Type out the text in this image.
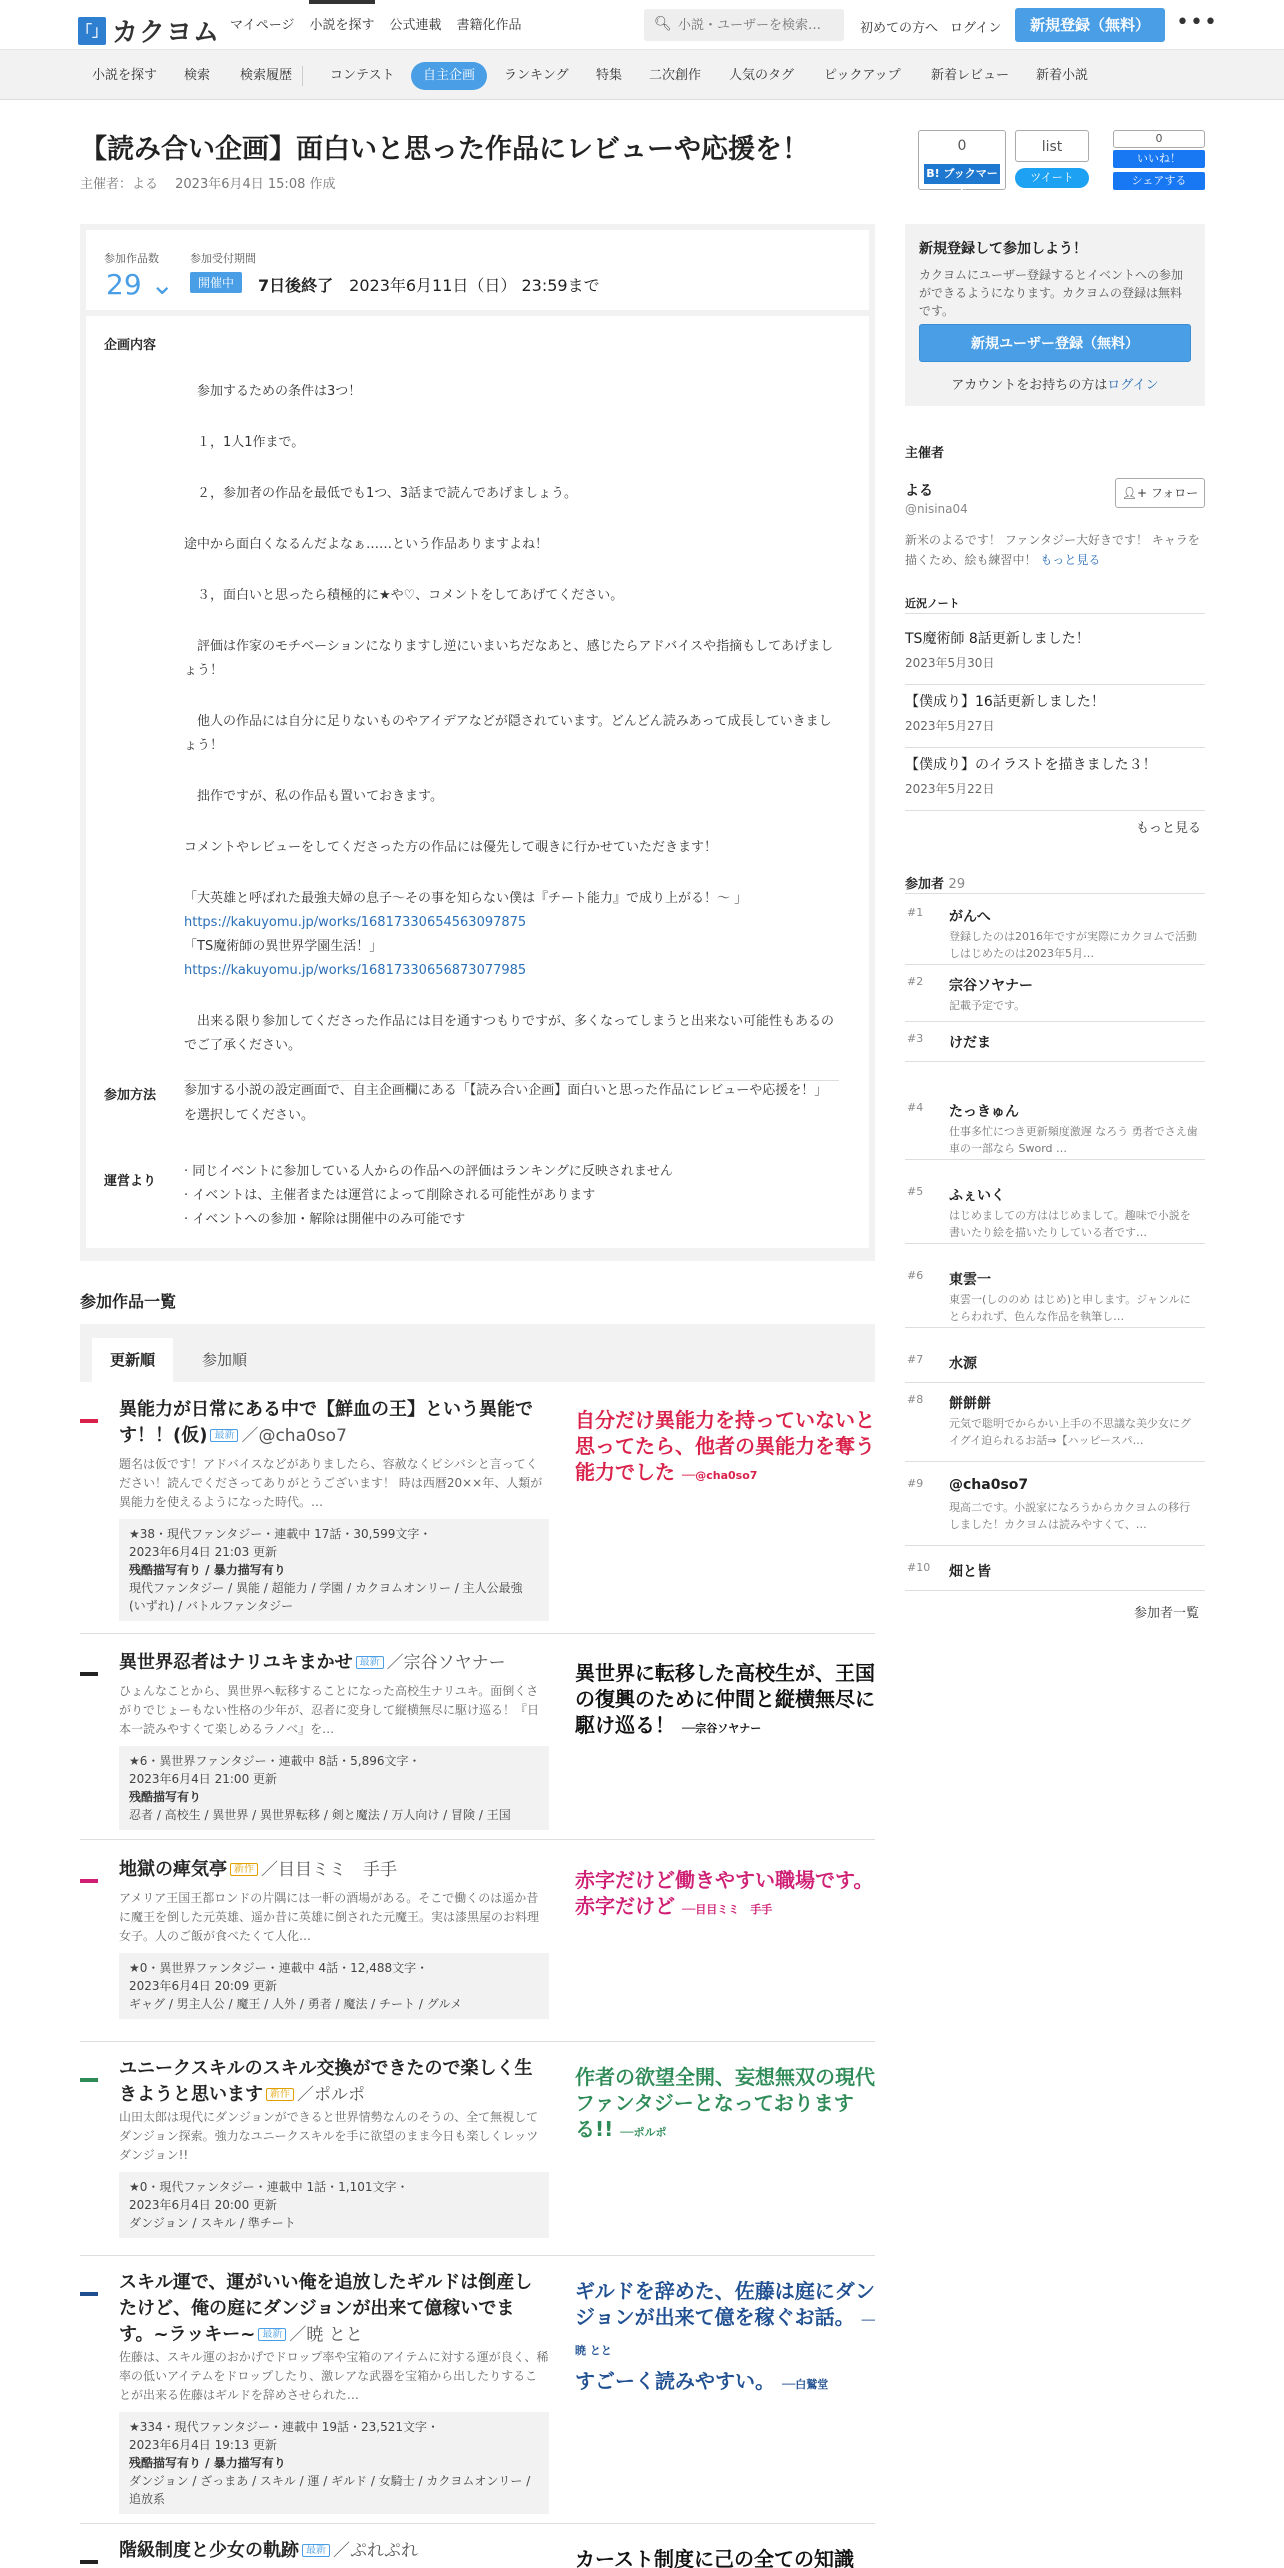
「」 カクヨム マイページ 小説を探す 公式連載 書籍化作品	🔍︎
小説・ユーザーを検索…	初めての方へ ログイン	新規登録（無料）	•••
小説を探す	検索	検索履歴	コンテスト	自主企画	ランキング	特集	二次創作	人気のタグ	ピックアップ	新着レビュー	新着小説
【読み合い企画】面白いと思った作品にレビューや応援を！
主催者：よる　 2023年6月4日 15:08 作成
0
B! ブックマーク
list
ツイート
0
いいね！
シェアする
参加作品数
29 ⌄
参加受付期間
開催中	7日後終了　 2023年6月11日（日） 23:59まで
企画内容

　参加するための条件は3つ！

　１，1人1作まで。

　２，参加者の作品を最低でも1つ、3話まで読んであげましょう。

途中から面白くなるんだよなぁ……という作品ありますよね！

　３，面白いと思ったら積極的に★や♡、コメントをしてあげてください。

　評価は作家のモチベーションになりますし逆にいまいちだなあと、感じたらアドバイスや指摘もしてあげましょう！

　他人の作品には自分に足りないものやアイデアなどが隠されています。どんどん読みあって成長していきましょう！

　拙作ですが、私の作品も置いておきます。

コメントやレビューをしてくださった方の作品には優先して覗きに行かせていただきます！

「大英雄と呼ばれた最強夫婦の息子～その事を知らない僕は『チート能力』で成り上がる！～ 」
https://kakuyomu.jp/works/16817330654563097875
「TS魔術師の異世界学園生活！」
https://kakuyomu.jp/works/16817330656873077985

　出来る限り参加してくださった作品には目を通すつもりですが、多くなってしまうと出来ない可能性もあるのでご了承ください。

参加方法 参加する小説の設定画面で、自主企画欄にある「【読み合い企画】面白いと思った作品にレビューや応援を！」を選択してください。
運営より
· 同じイベントに参加している人からの作品への評価はランキングに反映されません
· イベントは、主催者または運営によって削除される可能性があります
· イベントへの参加・解除は開催中のみ可能です
参加作品一覧
更新順	参加順
異能力が日常にある中で【鮮血の王】という異能です！！(仮) 最新 ／@cha0so7
題名は仮です！アドバイスなどがありましたら、容赦なくビシバシと言ってください！読んでくださってありがとうございます！ 時は西暦20××年、人類が異能力を使えるようになった時代。…
★38・現代ファンタジー・連載中 17話・30,599文字・
2023年6月4日 21:03 更新
残酷描写有り / 暴力描写有り
現代ファンタジー / 異能 / 超能力 / 学園 / カクヨムオンリー / 主人公最強(いずれ) / バトルファンタジー
自分だけ異能力を持っていないと思ってたら、他者の異能力を奪う能力でした ──@cha0so7
異世界忍者はナリユキまかせ 最新 ／宗谷ソヤナー
ひょんなことから、異世界へ転移することになった高校生ナリユキ。面倒くさがりでじょーもない性格の少年が、忍者に変身して縦横無尽に駆け巡る！『日本一読みやすくて楽しめるラノベ』を…
★6・異世界ファンタジー・連載中 8話・5,896文字・
2023年6月4日 21:00 更新
残酷描写有り
忍者 / 高校生 / 異世界 / 異世界転移 / 剣と魔法 / 万人向け / 冒険 / 王国
異世界に転移した高校生が、王国の復興のために仲間と縦横無尽に駆け巡る！ ──宗谷ソヤナー
地獄の痺気亭 新作 ／目目ミミ　手手
アメリア王国王都ロンドの片隅には一軒の酒場がある。そこで働くのは遥か昔に魔王を倒した元英雄、遥か昔に英雄に倒された元魔王。実は漆黒屋のお料理女子。人のご飯が食べたくて人化…
★0・異世界ファンタジー・連載中 4話・12,488文字・
2023年6月4日 20:09 更新
ギャグ / 男主人公 / 魔王 / 人外 / 勇者 / 魔法 / チート / グルメ
赤字だけど働きやすい職場です。赤字だけど ──目目ミミ　手手
ユニークスキルのスキル交換ができたので楽しく生きようと思います 新作 ／ポルポ
山田太郎は現代にダンジョンができると世界情勢なんのそうの、全て無視してダンジョン探索。強力なユニークスキルを手に欲望のまま今日も楽しくレッツダンジョン!!
★0・現代ファンタジー・連載中 1話・1,101文字・
2023年6月4日 20:00 更新
ダンジョン / スキル / 準チート
作者の欲望全開、妄想無双の現代ファンタジーとなっておりまする!! ──ポルポ
スキル運で、運がいい俺を追放したギルドは倒産したけど、俺の庭にダンジョンが出来て億稼いでます。~ラッキー~ 最新 ／暁 とと
佐藤は、スキル運のおかげでドロップ率や宝箱のアイテムに対する運が良く、稀率の低いアイテムをドロップしたり、激レアな武器を宝箱から出したりすることが出来る佐藤はギルドを辞めさせられた…
★334・現代ファンタジー・連載中 19話・23,521文字・
2023年6月4日 19:13 更新
残酷描写有り / 暴力描写有り
ダンジョン / ざっまあ / スキル / 運 / ギルド / 女騎士 / カクヨムオンリー / 追放系
ギルドを辞めた、佐藤は庭にダンジョンが出来て億を稼ぐお話。 ──暁 とと
すごーく読みやすい。 ──白鷲堂
階級制度と少女の軌跡 最新 ／ぷれぷれ	カースト制度に己の全ての知識
新規登録して参加しよう！

カクヨムにユーザー登録するとイベントへの参加ができるようになります。カクヨムの登録は無料です。

新規ユーザー登録（無料）
アカウントをお持ちの方はログイン
主催者
よる
@nisina04
👤︎+ フォロー
新米のよるです！ ファンタジー大好きです！ キャラを描くため、絵も練習中！ もっと見る
近況ノート
TS魔術師 8話更新しました！
2023年5月30日
【僕成り】16話更新しました！
2023年5月27日
【僕成り】のイラストを描きました３！
2023年5月22日
もっと見る
参加者 29
#1 がんへ
登録したのは2016年ですが実際にカクヨムで活動しはじめたのは2023年5月…
#2 宗谷ソヤナー
記載予定です。
#3 けだま
#4 たっきゅん
仕事多忙につき更新頻度激遅 なろう 勇者でさえ歯車の一部なら Sword …
#5 ふぇいく
はじめましての方ははじめまして。趣味で小説を書いたり絵を描いたりしている者です…
#6 東雲一
東雲一(しののめ はじめ)と申します。ジャンルにとらわれず、色んな作品を執筆し…
#7 水源
#8 餅餅餅
元気で聡明でからかい上手の不思議な美少女にグイグイ迫られるお話⇒【ハッピースパ…
#9 @cha0so7
現高二です。小説家になろうからカクヨムの移行しました！カクヨムは読みやすくて、…
#10 畑と皆
参加者一覧
